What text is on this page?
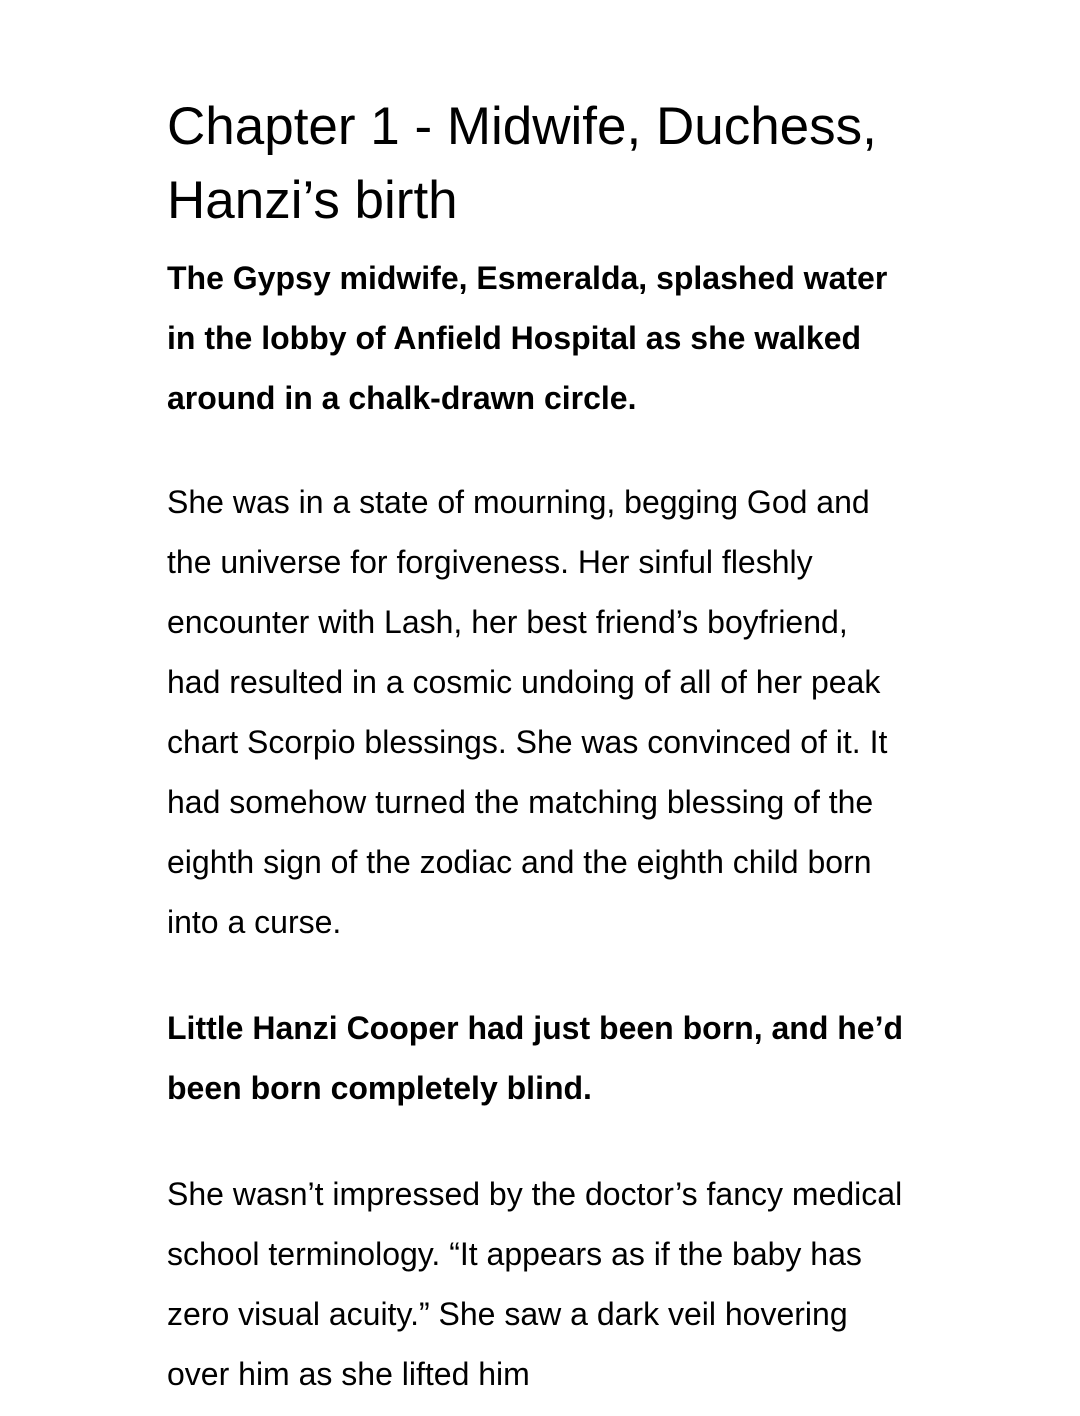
Chapter 1 - Midwife, Duchess, Hanzi’s birth

The Gypsy midwife, Esmeralda, splashed water in the lobby of Anfield Hospital as she walked around in a chalk-drawn circle.

She was in a state of mourning, begging God and the universe for forgiveness. Her sinful fleshly encounter with Lash, her best friend’s boyfriend, had resulted in a cosmic undoing of all of her peak chart Scorpio blessings. She was convinced of it. It had somehow turned the matching blessing of the eighth sign of the zodiac and the eighth child born into a curse.

Little Hanzi Cooper had just been born, and he’d been born completely blind.

She wasn’t impressed by the doctor’s fancy medical school terminology. “It appears as if the baby has zero visual acuity.” She saw a dark veil hovering over him as she lifted him
